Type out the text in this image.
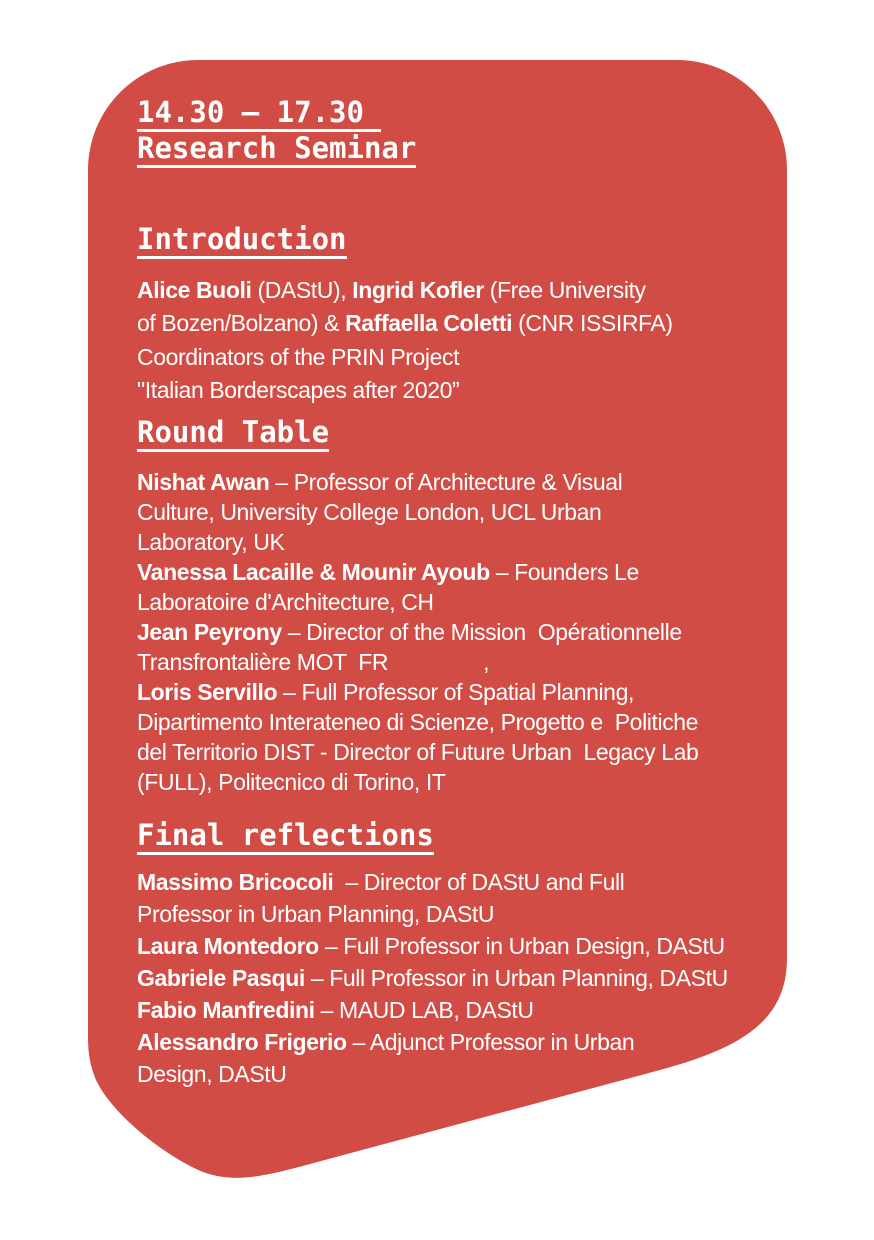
14.30 — 17.30
Research Seminar
Introduction
Alice Buoli (DAStU), Ingrid Kofler (Free University
of Bozen/Bolzano) & Raffaella Coletti (CNR ISSIRFA)
Coordinators of the PRIN Project
"Italian Borderscapes after 2020”
Round Table
Nishat Awan – Professor of Architecture & Visual
Culture, University College London, UCL Urban
Laboratory, UK
Vanessa Lacaille & Mounir Ayoub – Founders Le
Laboratoire d'Architecture, CH
Jean Peyrony – Director of the Mission  Opérationnelle
Transfrontalière MOT  FR	,
Loris Servillo – Full Professor of Spatial Planning,
Dipartimento Interateneo di Scienze, Progetto e  Politiche
del Territorio DIST - Director of Future Urban  Legacy Lab
(FULL), Politecnico di Torino, IT
Final reflections
Massimo Bricocoli  – Director of DAStU and Full
Professor in Urban Planning, DAStU
Laura Montedoro – Full Professor in Urban Design, DAStU
Gabriele Pasqui – Full Professor in Urban Planning, DAStU
Fabio Manfredini – MAUD LAB, DAStU
Alessandro Frigerio – Adjunct Professor in Urban
Design, DAStU
